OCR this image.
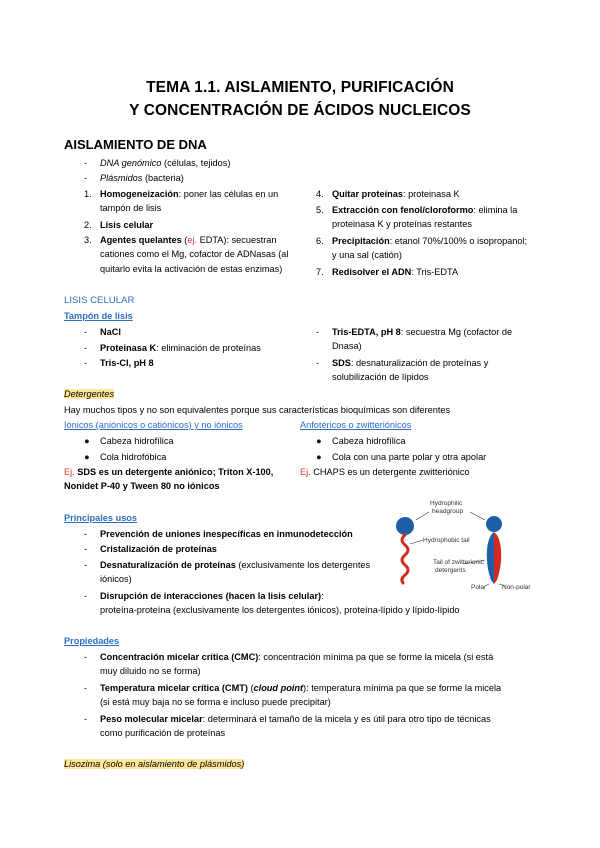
TEMA 1.1. AISLAMIENTO, PURIFICACIÓN
Y CONCENTRACIÓN DE ÁCIDOS NUCLEICOS
AISLAMIENTO DE DNA
- DNA genómico (células, tejidos)
- Plásmidos (bacteria)
1. Homogeneización: poner las células en un
tampón de lisis
2. Lisis celular
3. Agentes quelantes (ej. EDTA): secuestran
cationes como el Mg, cofactor de ADNasas (al
quitarlo evita la activación de estas enzimas)
4. Quitar proteínas: proteinasa K
5. Extracción con fenol/cloroformo: elimina la
proteinasa K y proteínas restantes
6. Precipitación: etanol 70%/100% o isopropanol;
y una sal (catión)
7. Redisolver el ADN: Tris-EDTA
LISIS CELULAR
Tampón de lisis
- NaCl
- Proteinasa K: eliminación de proteínas
- Tris-Cl, pH 8
- Tris-EDTA, pH 8: secuestra Mg (cofactor de
Dnasa)
- SDS: desnaturalización de proteínas y
solubilización de lípidos
Detergentes
Hay muchos tipos y no son equivalentes porque sus características bioquímicas son diferentes
Iónicos (aniónicos o catiónicos) y no iónicos
● Cabeza hidrofílica
● Cola hidrofóbica
Ej. SDS es un detergente aniónico; Triton X-100,
Nonidet P-40 y Tween 80 no iónicos
Anfotéricos o zwitteriónicos
● Cabeza hidrofílica
● Cola con una parte polar y otra apolar
Ej. CHAPS es un detergente zwitteriónico
Hydrophilic headgroup
Hydrophobic tail
Tail of zwitterionic detergents
Polar Non-polar
Principales usos
- Prevención de uniones inespecíficas en inmunodetección
- Cristalización de proteínas
- Desnaturalización de proteínas (exclusivamente los detergentes
iónicos)
- Disrupción de interacciones (hacen la lisis celular):
proteína-proteína (exclusivamente los detergentes iónicos), proteína-lípido y lípido-lípido
Propiedades
- Concentración micelar crítica (CMC): concentración mínima pa que se forme la micela (si está
muy diluido no se forma)
- Temperatura micelar crítica (CMT) (cloud point): temperatura mínima pa que se forme la micela
(si está muy baja no se forma e incluso puede precipitar)
- Peso molecular micelar: determinará el tamaño de la micela y es útil para otro tipo de técnicas
como purificación de proteínas
Lisozima (solo en aislamiento de plásmidos)
